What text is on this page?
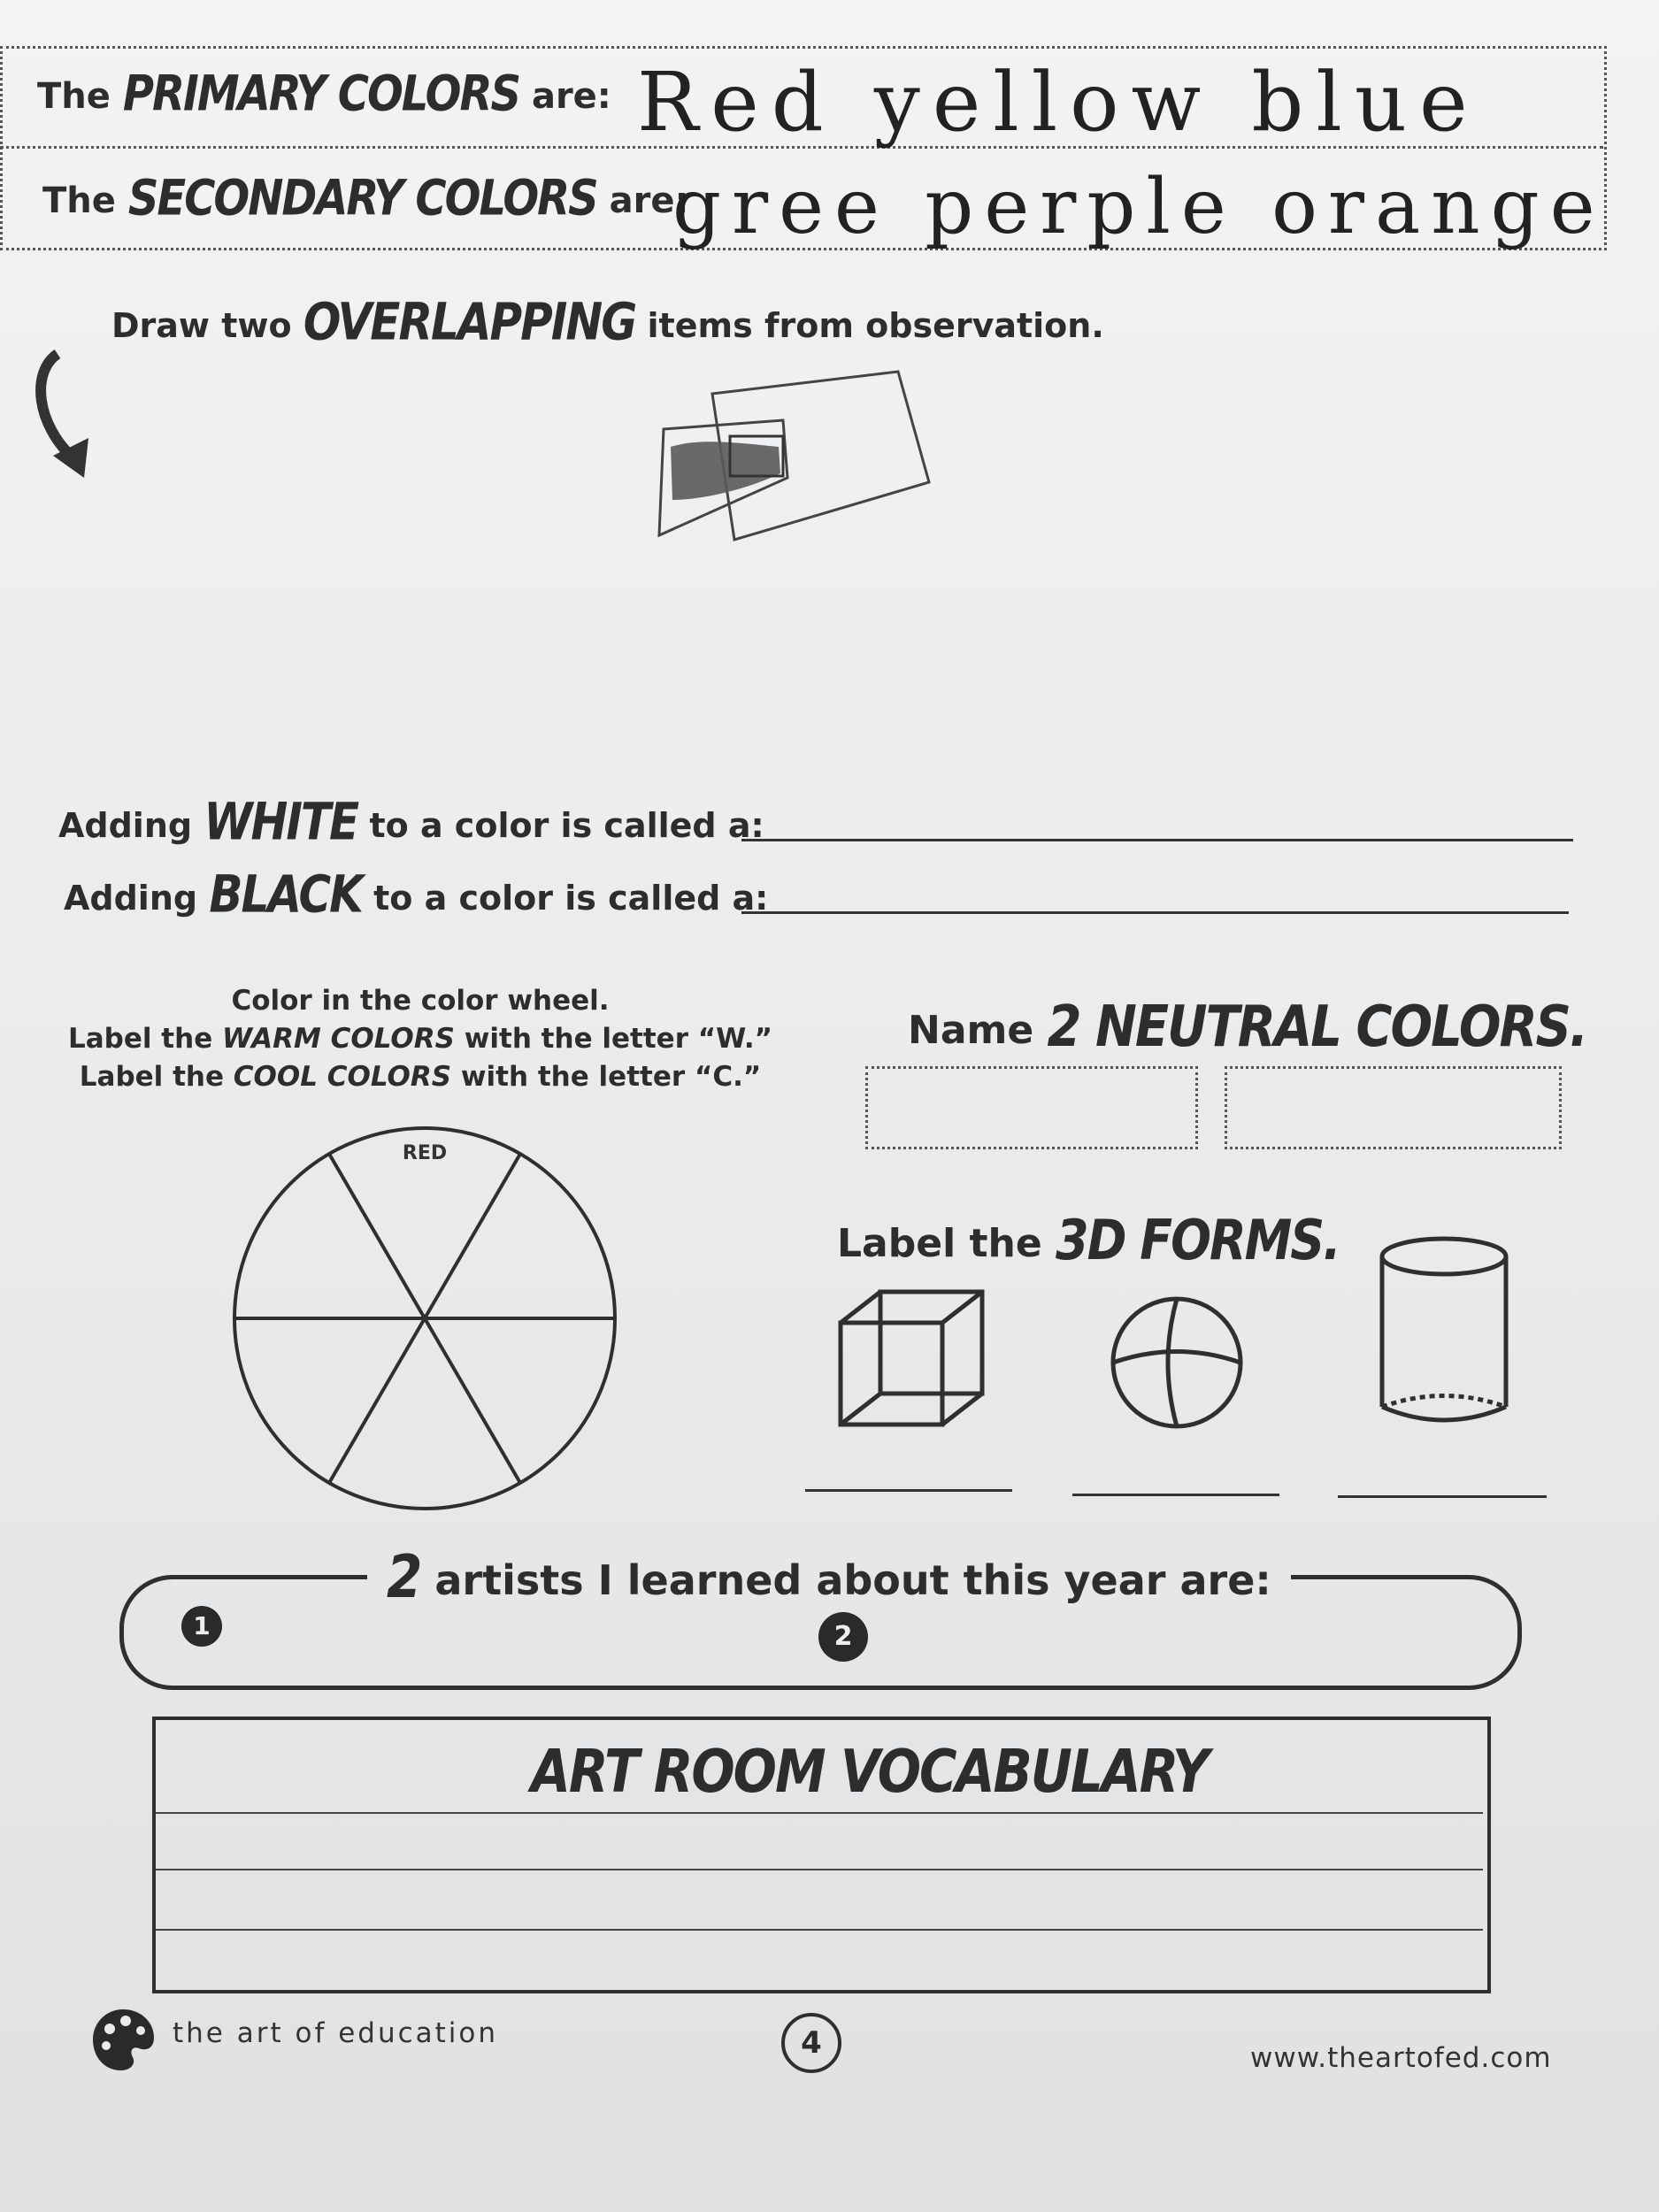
The PRIMARY COLORS are: Red yellow blue
The SECONDARY COLORS are:
gree perple orange
Draw two OVERLAPPING items from observation.
Adding WHITE to a color is called a:
Adding BLACK to a color is called a:
Color in the color wheel.
Label the WARM COLORS with the letter “W.”
Label the COOL COLORS with the letter “C.”
RED
Name 2 NEUTRAL COLORS.
Label the 3D FORMS.
2 artists I learned about this year are:
1	2
ART ROOM VOCABULARY
the art of education	4	www.theartofed.com
